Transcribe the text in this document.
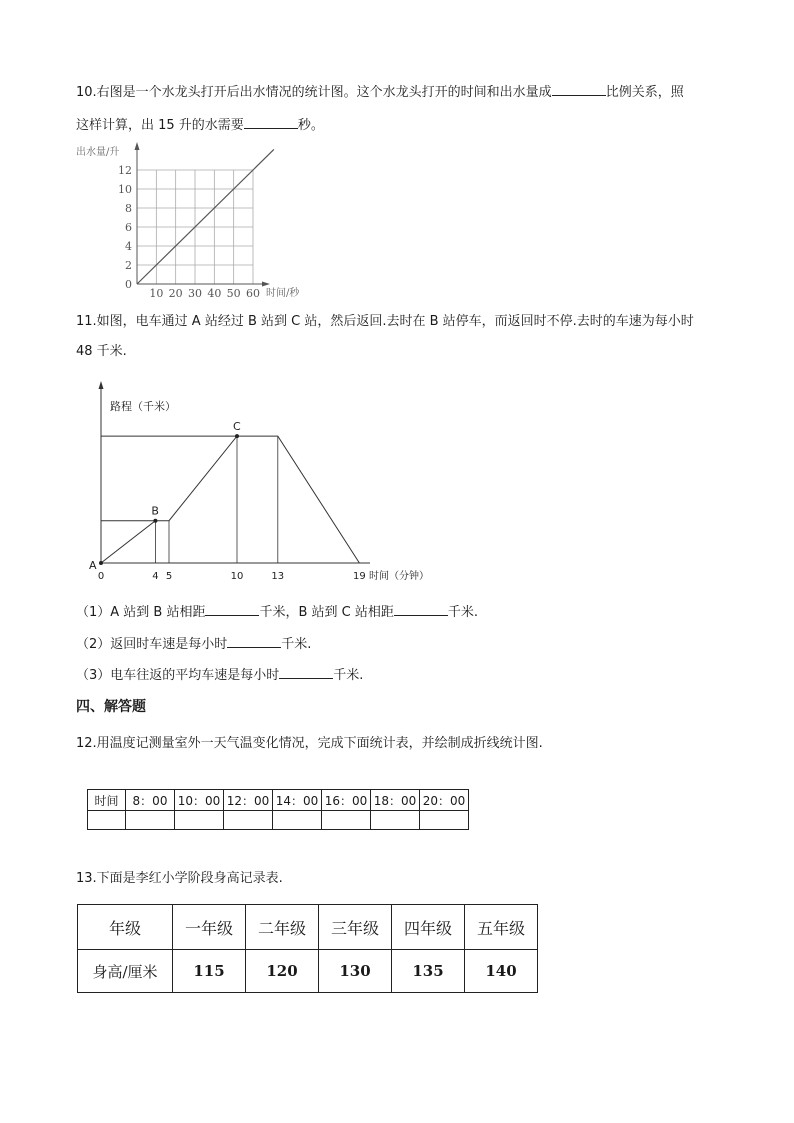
10.右图是一个水龙头打开后出水情况的统计图。这个水龙头打开的时间和出水量成	比例关系，照
这样计算，出 15 升的水需要	秒。
出水量/升
时间/秒
0
2
4
6
8
10
12
10 20 30 40 50 60
11.如图，电车通过 A 站经过 B 站到 C 站，然后返回.去时在 B 站停车，而返回时不停.去时的车速为每小时
48 千米.
路程（千米）
时间（分钟）
A
B
C
0	4 5	10	13	19
（1）A 站到 B 站相距	千米，B 站到 C 站相距	千米.
（2）返回时车速是每小时	千米.
（3）电车往返的平均车速是每小时	千米.
四、解答题
12.用温度记测量室外一天气温变化情况，完成下面统计表，并绘制成折线统计图.
时间	8：00	10：00	12：00	14：00	16：00	18：00	20：00

13.下面是李红小学阶段身高记录表.
年级	一年级	二年级	三年级	四年级	五年级
身高/厘米	115	120	130	135	140
